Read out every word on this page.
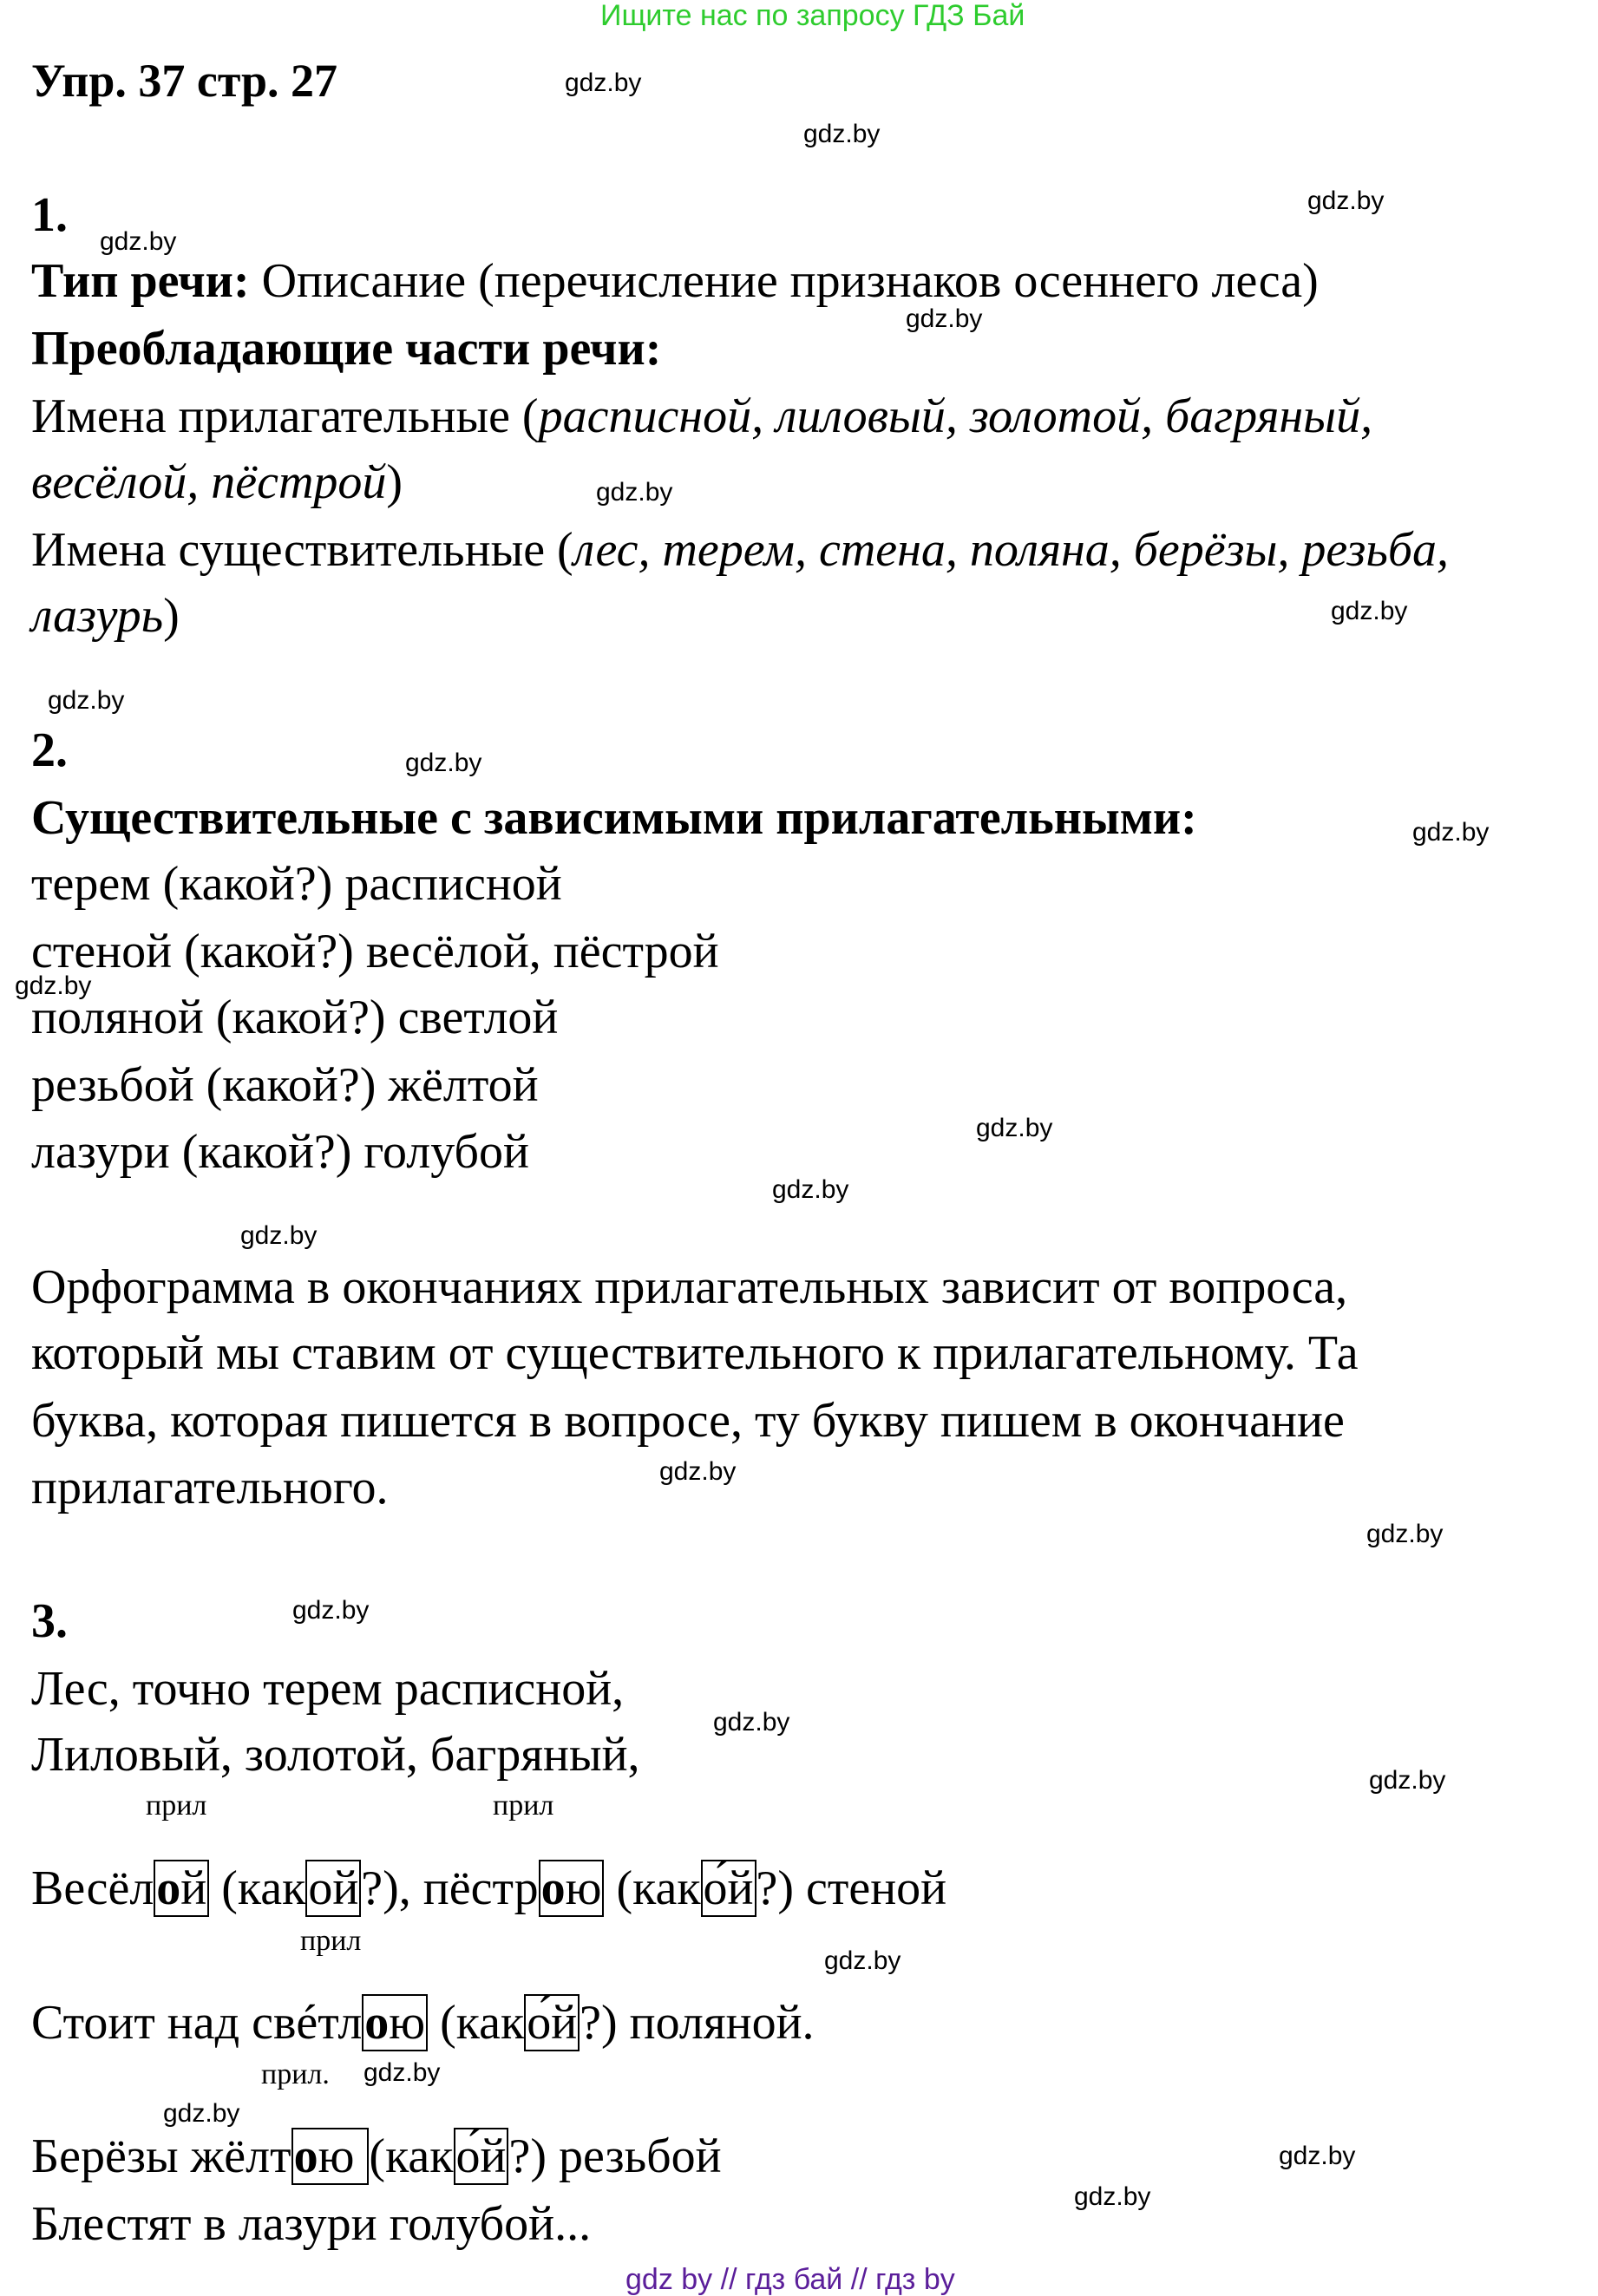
Ищите нас по запросу ГДЗ Бай
Упр. 37 стр. 27
1.
Тип речи: Описание (перечисление признаков осеннего леса)
Преобладающие части речи:
Имена прилагательные (расписной, лиловый, золотой, багряный,
весёлой, пёстрой)
Имена существительные (лес, терем, стена, поляна, берёзы, резьба,
лазурь)
2.
Существительные с зависимыми прилагательными:
терем (какой?) расписной
стеной (какой?) весёлой, пёстрой
поляной (какой?) светлой
резьбой (какой?) жёлтой
лазури (какой?) голубой
Орфограмма в окончаниях прилагательных зависит от вопроса,
который мы ставим от существительного к прилагательному. Та
буква, которая пишется в вопросе, ту букву пишем в окончание
прилагательного.
3.
Лес, точно терем расписной,
Лиловый, золотой, багряный,
прил	прил
Весёлой (какой?), пёстрою (како́й?) стеной
прил
Стоит над свéтлою (како́й?) поляной.
прил.
Берёзы жёлтою (како́й?) резьбой
Блестят в лазури голубой...
gdz by // гдз бай // гдз by
gdz.by
gdz.by
gdz.by
gdz.by
gdz.by
gdz.by
gdz.by
gdz.by
gdz.by
gdz.by
gdz.by
gdz.by
gdz.by
gdz.by
gdz.by
gdz.by
gdz.by
gdz.by
gdz.by
gdz.by
gdz.by
gdz.by
gdz.by
gdz.by
